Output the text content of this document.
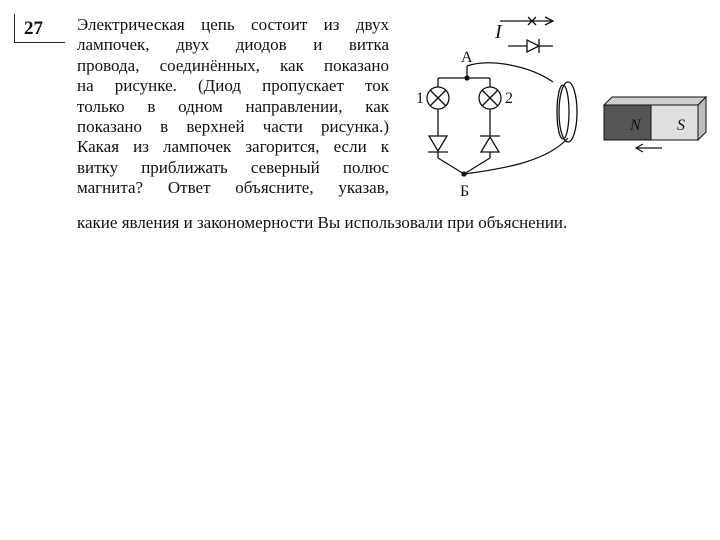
27 Электрическая цепь состоит из двух
лампочек, двух диодов и витка
провода, соединённых, как показано
на рисунке. (Диод пропускает ток
только в одном направлении, как
показано в верхней части рисунка.)
Какая из лампочек загорится, если к
витку приближать северный полюс
магнита? Ответ объясните, указав,
какие явления и закономерности Вы использовали при объяснении.
I
А
Б
1	2
N S
